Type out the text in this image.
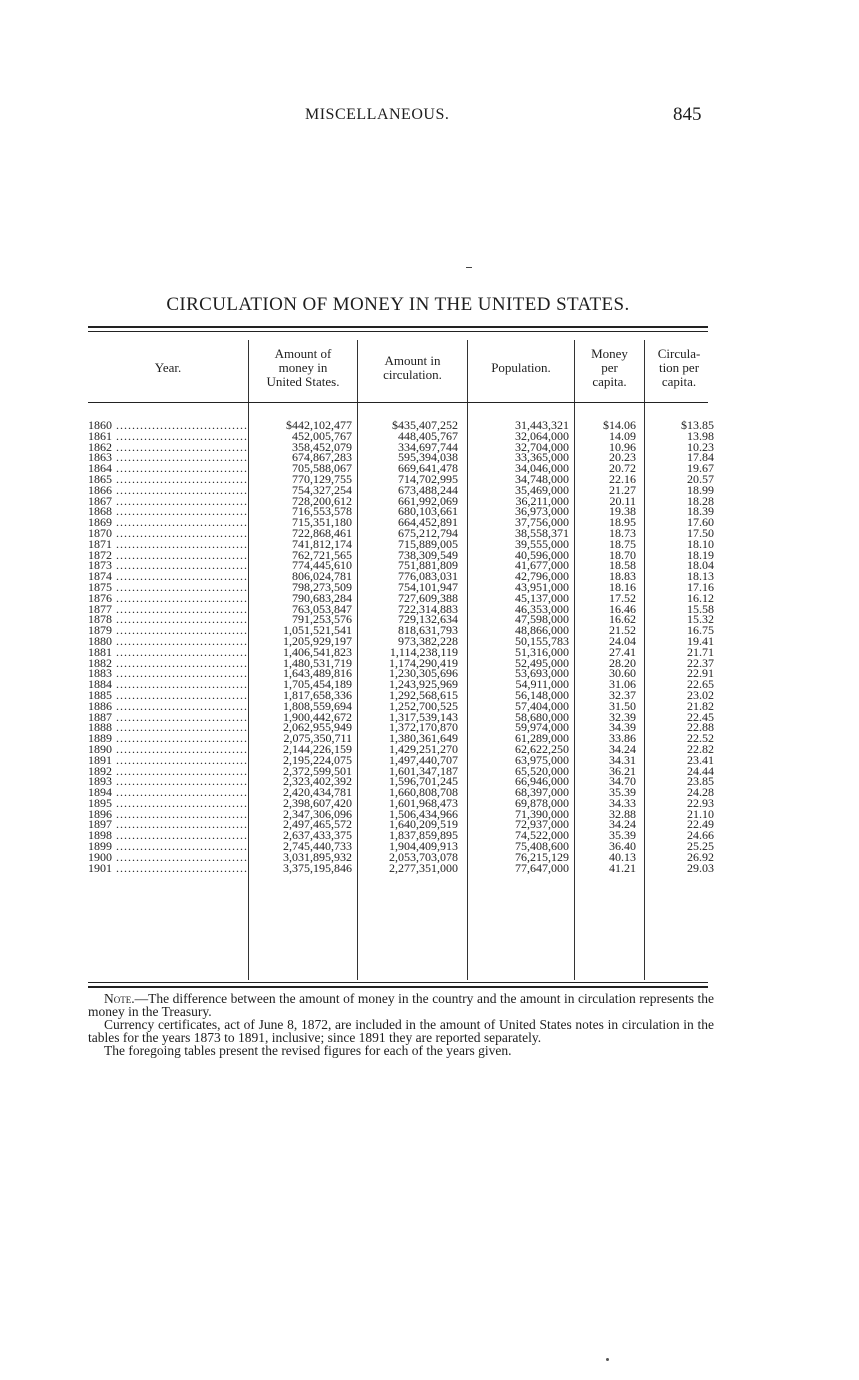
MISCELLANEOUS.	845
CIRCULATION OF MONEY IN THE UNITED STATES.
Year.
Amount of
money in
United States.
Amount in
circulation.	Population.
Money
per
capita.
Circula-
tion per
capita.
1860 .....	$442,102,477	$435,407,252	31,443,321	$14.06	$13.85
1861 .....	452,005,767	448,405,767	32,064,000	14.09	13.98
1862 .....	358,452,079	334,697,744	32,704,000	10.96	10.23
1863 .....	674,867,283	595,394,038	33,365,000	20.23	17.84
1864 .....	705,588,067	669,641,478	34,046,000	20.72	19.67
1865 .....	770,129,755	714,702,995	34,748,000	22.16	20.57
1866 .....	754,327,254	673,488,244	35,469,000	21.27	18.99
1867 .....	728,200,612	661,992,069	36,211,000	20.11	18.28
1868 .....	716,553,578	680,103,661	36,973,000	19.38	18.39
1869 .....	715,351,180	664,452,891	37,756,000	18.95	17.60
1870 .....	722,868,461	675,212,794	38,558,371	18.73	17.50
1871 .....	741,812,174	715,889,005	39,555,000	18.75	18.10
1872 .....	762,721,565	738,309,549	40,596,000	18.70	18.19
1873 .....	774,445,610	751,881,809	41,677,000	18.58	18.04
1874 .....	806,024,781	776,083,031	42,796,000	18.83	18.13
1875 .....	798,273,509	754,101,947	43,951,000	18.16	17.16
1876 .....	790,683,284	727,609,388	45,137,000	17.52	16.12
1877 .....	763,053,847	722,314,883	46,353,000	16.46	15.58
1878 .....	791,253,576	729,132,634	47,598,000	16.62	15.32
1879 .....	1,051,521,541	818,631,793	48,866,000	21.52	16.75
1880 .....	1,205,929,197	973,382,228	50,155,783	24.04	19.41
1881 .....	1,406,541,823	1,114,238,119	51,316,000	27.41	21.71
1882 .....	1,480,531,719	1,174,290,419	52,495,000	28.20	22.37
1883 .....	1,643,489,816	1,230,305,696	53,693,000	30.60	22.91
1884 .....	1,705,454,189	1,243,925,969	54,911,000	31.06	22.65
1885 .....	1,817,658,336	1,292,568,615	56,148,000	32.37	23.02
1886 .....	1,808,559,694	1,252,700,525	57,404,000	31.50	21.82
1887 .....	1,900,442,672	1,317,539,143	58,680,000	32.39	22.45
1888 .....	2,062,955,949	1,372,170,870	59,974,000	34.39	22.88
1889 .....	2,075,350,711	1,380,361,649	61,289,000	33.86	22.52
1890 .....	2,144,226,159	1,429,251,270	62,622,250	34.24	22.82
1891 .....	2,195,224,075	1,497,440,707	63,975,000	34.31	23.41
1892 .....	2,372,599,501	1,601,347,187	65,520,000	36.21	24.44
1893 .....	2,323,402,392	1,596,701,245	66,946,000	34.70	23.85
1894 .....	2,420,434,781	1,660,808,708	68,397,000	35.39	24.28
1895 .....	2,398,607,420	1,601,968,473	69,878,000	34.33	22.93
1896 .....	2,347,306,096	1,506,434,966	71,390,000	32.88	21.10
1897 .....	2,497,465,572	1,640,209,519	72,937,000	34.24	22.49
1898 .....	2,637,433,375	1,837,859,895	74,522,000	35.39	24.66
1899 .....	2,745,440,733	1,904,409,913	75,408,600	36.40	25.25
1900 .....	3,031,895,932	2,053,703,078	76,215,129	40.13	26.92
1901 .....	3,375,195,846	2,277,351,000	77,647,000	41.21	29.03

Note.—The difference between the amount of money in the country and the amount in circulation represents the money in the Treasury.

Currency certificates, act of June 8, 1872, are included in the amount of United States notes in circulation in the tables for the years 1873 to 1891, inclusive; since 1891 they are reported separately.

The foregoing tables present the revised figures for each of the years given.
